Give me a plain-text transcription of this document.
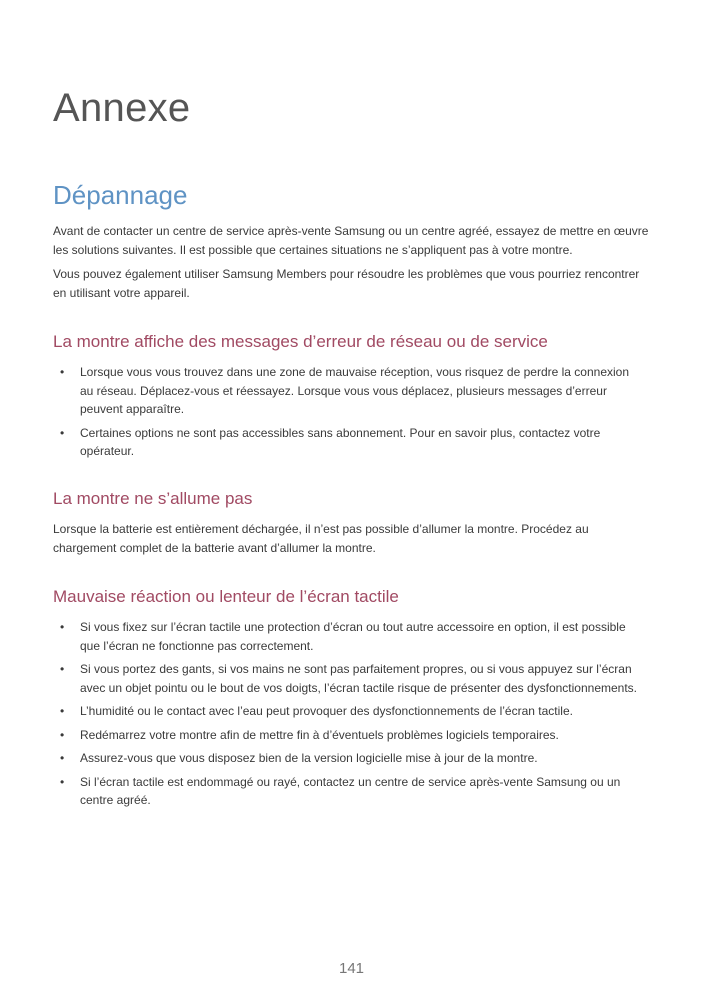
Annexe
Dépannage

Avant de contacter un centre de service après-vente Samsung ou un centre agréé, essayez de mettre en œuvre les solutions suivantes. Il est possible que certaines situations ne s’appliquent pas à votre montre.

Vous pouvez également utiliser Samsung Members pour résoudre les problèmes que vous pourriez rencontrer en utilisant votre appareil.

La montre affiche des messages d’erreur de réseau ou de service
• Lorsque vous vous trouvez dans une zone de mauvaise réception, vous risquez de perdre la connexion au réseau. Déplacez-vous et réessayez. Lorsque vous vous déplacez, plusieurs messages d’erreur peuvent apparaître.
• Certaines options ne sont pas accessibles sans abonnement. Pour en savoir plus, contactez votre opérateur.
La montre ne s’allume pas

Lorsque la batterie est entièrement déchargée, il n’est pas possible d’allumer la montre. Procédez au chargement complet de la batterie avant d’allumer la montre.

Mauvaise réaction ou lenteur de l’écran tactile
• Si vous fixez sur l’écran tactile une protection d’écran ou tout autre accessoire en option, il est possible que l’écran ne fonctionne pas correctement.
• Si vous portez des gants, si vos mains ne sont pas parfaitement propres, ou si vous appuyez sur l’écran avec un objet pointu ou le bout de vos doigts, l’écran tactile risque de présenter des dysfonctionnements.
• L’humidité ou le contact avec l’eau peut provoquer des dysfonctionnements de l’écran tactile.
• Redémarrez votre montre afin de mettre fin à d’éventuels problèmes logiciels temporaires.
• Assurez-vous que vous disposez bien de la version logicielle mise à jour de la montre.
• Si l’écran tactile est endommagé ou rayé, contactez un centre de service après-vente Samsung ou un centre agréé.
141
